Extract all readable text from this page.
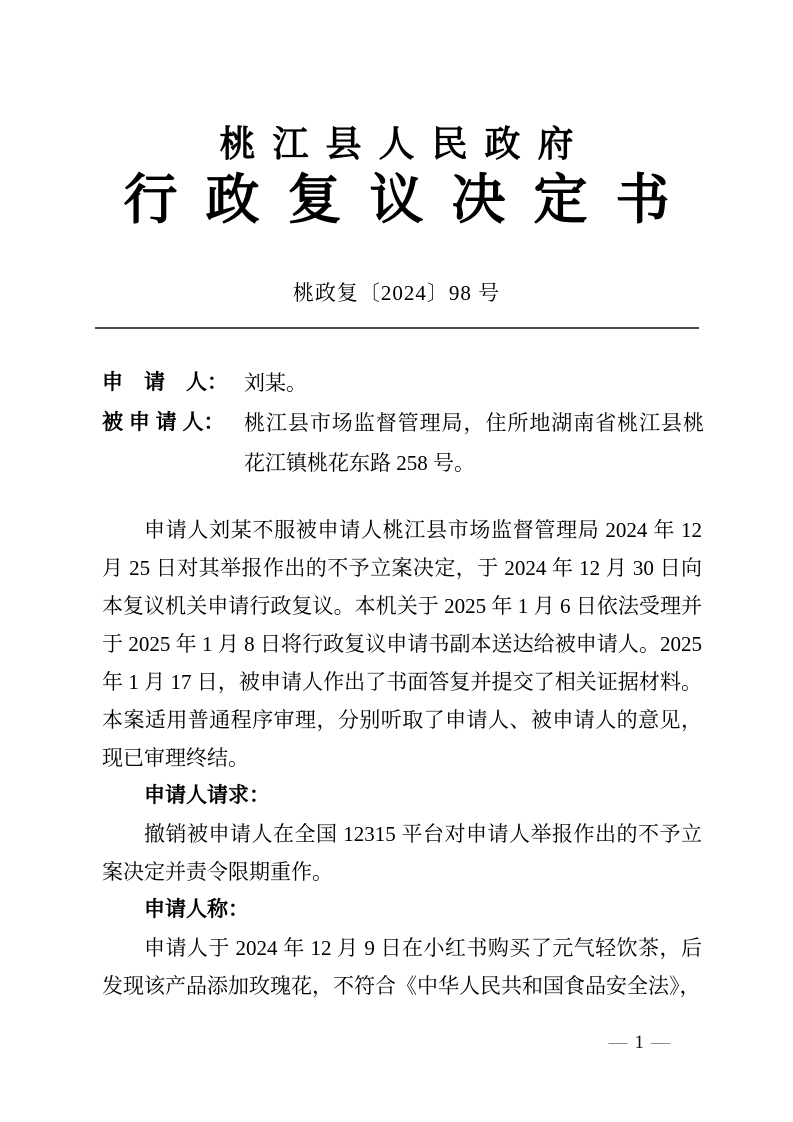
桃江县人民政府
行政复议决定书
桃政复〔2024〕98 号
申　请　人： 刘某。
被 申 请 人： 桃江县市场监督管理局，住所地湖南省桃江县桃花江镇桃花东路 258 号。

申请人刘某不服被申请人桃江县市场监督管理局 2024 年 12 月 25 日对其举报作出的不予立案决定，于 2024 年 12 月 30 日向本复议机关申请行政复议。本机关于 2025 年 1 月 6 日依法受理并于 2025 年 1 月 8 日将行政复议申请书副本送达给被申请人。2025 年 1 月 17 日，被申请人作出了书面答复并提交了相关证据材料。本案适用普通程序审理，分别听取了申请人、被申请人的意见，现已审理终结。

申请人请求：

撤销被申请人在全国 12315 平台对申请人举报作出的不予立案决定并责令限期重作。

申请人称：

申请人于 2024 年 12 月 9 日在小红书购买了元气轻饮茶，后发现该产品添加玫瑰花，不符合《中华人民共和国食品安全法》，

— 1 —
